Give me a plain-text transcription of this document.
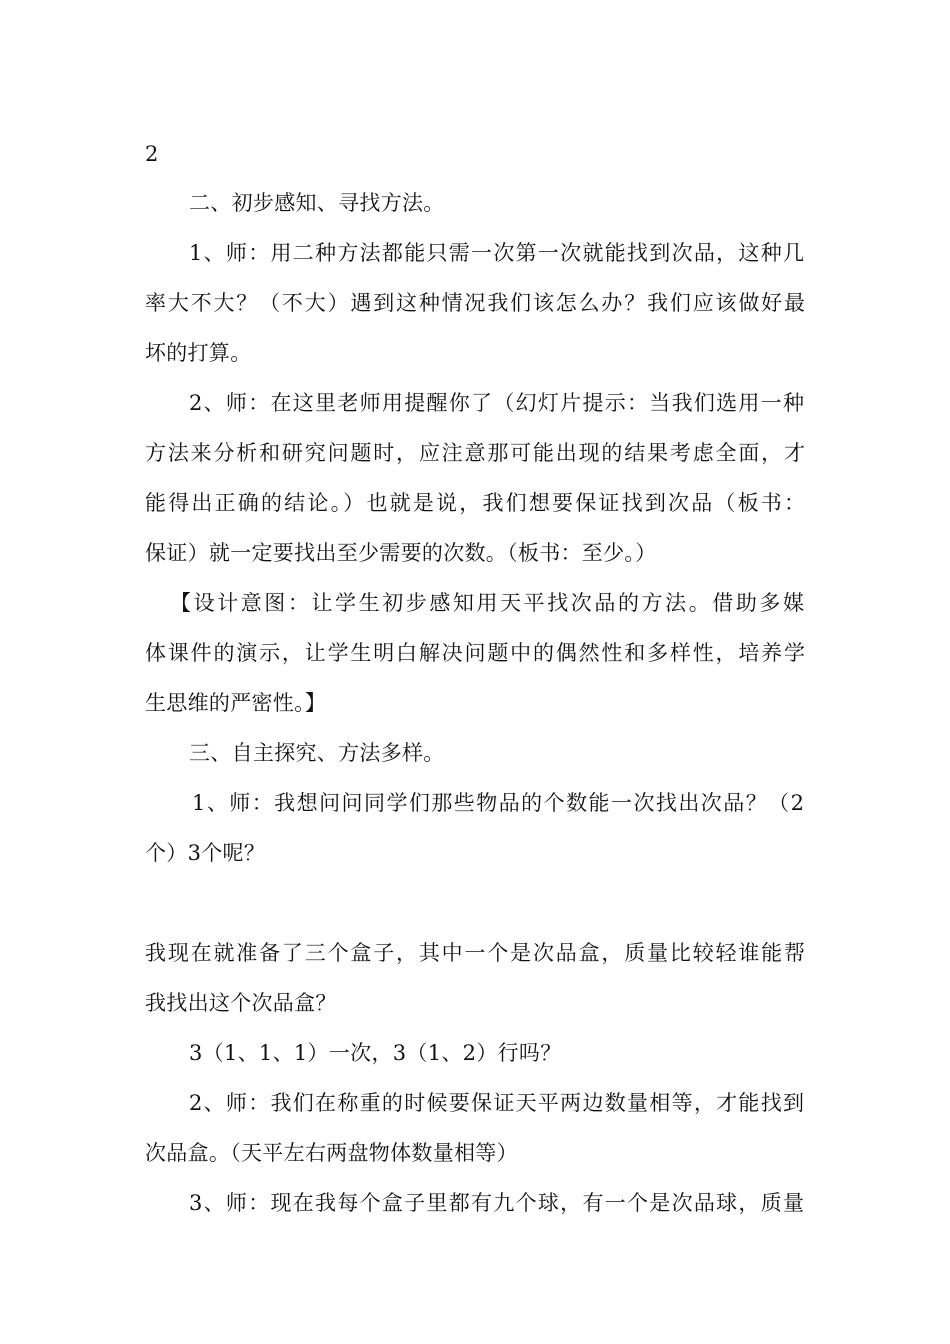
2
二、初步感知、寻找方法。
1、师：用二种方法都能只需一次第一次就能找到次品，这种几
率大不大？（不大）遇到这种情况我们该怎么办？我们应该做好最
坏的打算。
2、师：在这里老师用提醒你了（幻灯片提示：当我们选用一种
方法来分析和研究问题时，应注意那可能出现的结果考虑全面，才
能得出正确的结论。）也就是说，我们想要保证找到次品（板书：
保证）就一定要找出至少需要的次数。（板书：至少。）
【设计意图：让学生初步感知用天平找次品的方法。借助多媒
体课件的演示，让学生明白解决问题中的偶然性和多样性，培养学
生思维的严密性。】
三、自主探究、方法多样。
1、师：我想问问同学们那些物品的个数能一次找出次品？（2
个）3个呢？
我现在就准备了三个盒子，其中一个是次品盒，质量比较轻谁能帮
我找出这个次品盒？
3（1、1、1）一次，3（1、2）行吗？
2、师：我们在称重的时候要保证天平两边数量相等，才能找到
次品盒。（天平左右两盘物体数量相等）
3、师：现在我每个盒子里都有九个球，有一个是次品球，质量
